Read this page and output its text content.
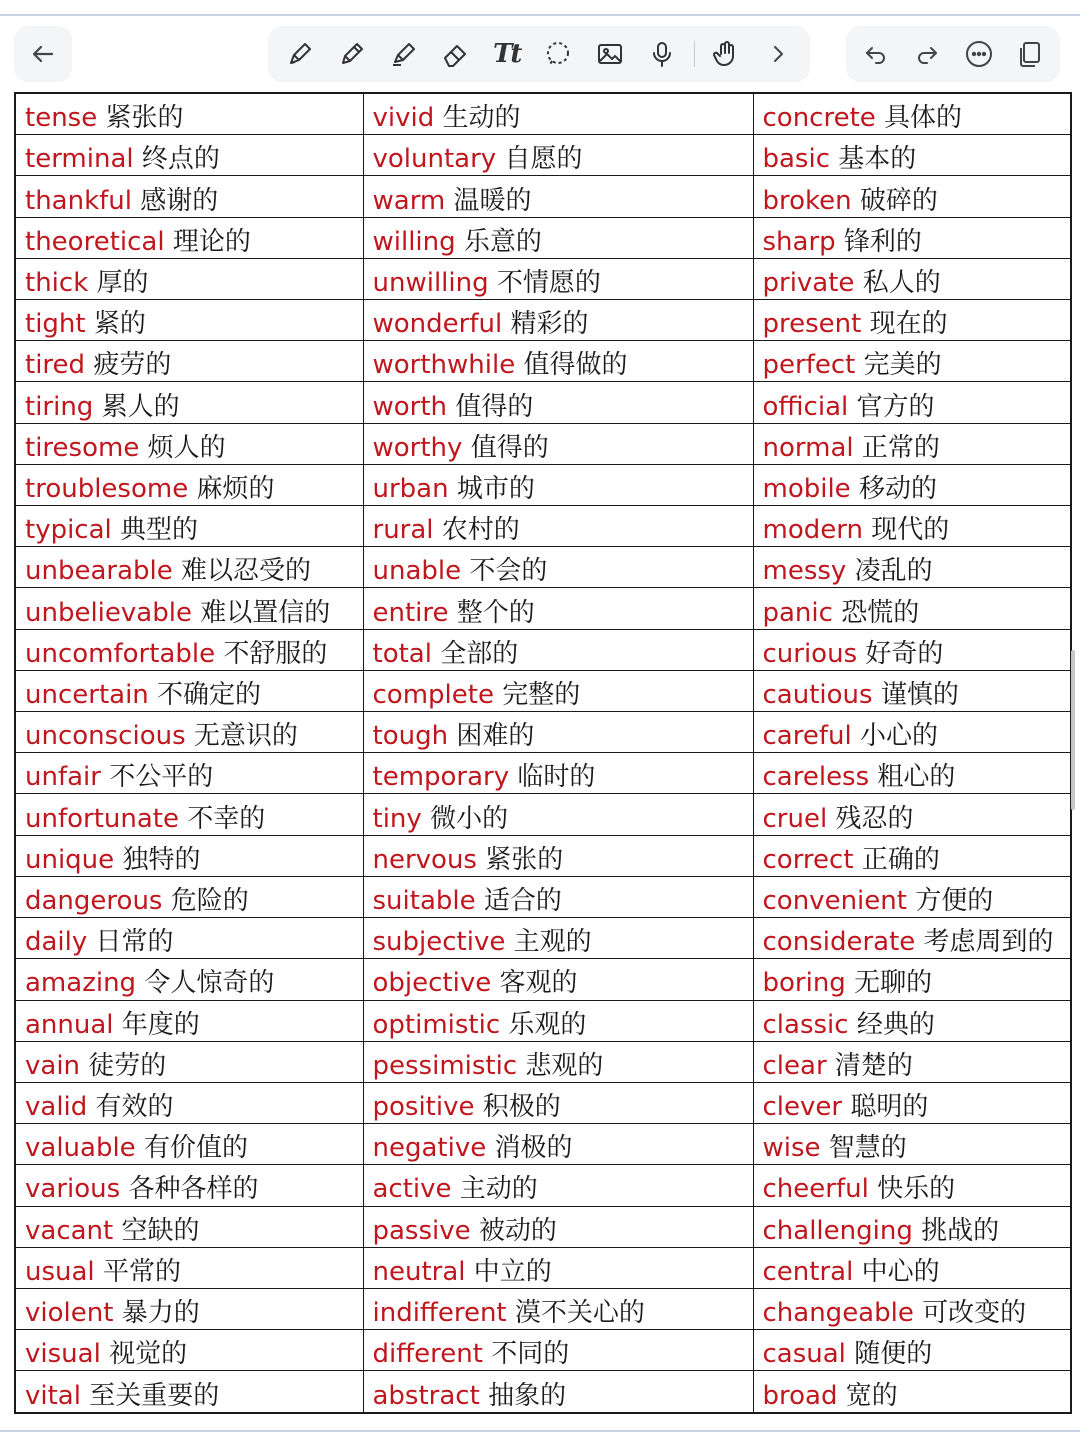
Tt
tense 紧张的	vivid 生动的	concrete 具体的
terminal 终点的	voluntary 自愿的	basic 基本的
thankful 感谢的	warm 温暖的	broken 破碎的
theoretical 理论的	willing 乐意的	sharp 锋利的
thick 厚的	unwilling 不情愿的	private 私人的
tight 紧的	wonderful 精彩的	present 现在的
tired 疲劳的	worthwhile 值得做的	perfect 完美的
tiring 累人的	worth 值得的	official 官方的
tiresome 烦人的	worthy 值得的	normal 正常的
troublesome 麻烦的	urban 城市的	mobile 移动的
typical 典型的	rural 农村的	modern 现代的
unbearable 难以忍受的	unable 不会的	messy 凌乱的
unbelievable 难以置信的	entire 整个的	panic 恐慌的
uncomfortable 不舒服的	total 全部的	curious 好奇的
uncertain 不确定的	complete 完整的	cautious 谨慎的
unconscious 无意识的	tough 困难的	careful 小心的
unfair 不公平的	temporary 临时的	careless 粗心的
unfortunate 不幸的	tiny 微小的	cruel 残忍的
unique 独特的	nervous 紧张的	correct 正确的
dangerous 危险的	suitable 适合的	convenient 方便的
daily 日常的	subjective 主观的	considerate 考虑周到的
amazing 令人惊奇的	objective 客观的	boring 无聊的
annual 年度的	optimistic 乐观的	classic 经典的
vain 徒劳的	pessimistic 悲观的	clear 清楚的
valid 有效的	positive 积极的	clever 聪明的
valuable 有价值的	negative 消极的	wise 智慧的
various 各种各样的	active 主动的	cheerful 快乐的
vacant 空缺的	passive 被动的	challenging 挑战的
usual 平常的	neutral 中立的	central 中心的
violent 暴力的	indifferent 漠不关心的	changeable 可改变的
visual 视觉的	different 不同的	casual 随便的
vital 至关重要的	abstract 抽象的	broad 宽的
